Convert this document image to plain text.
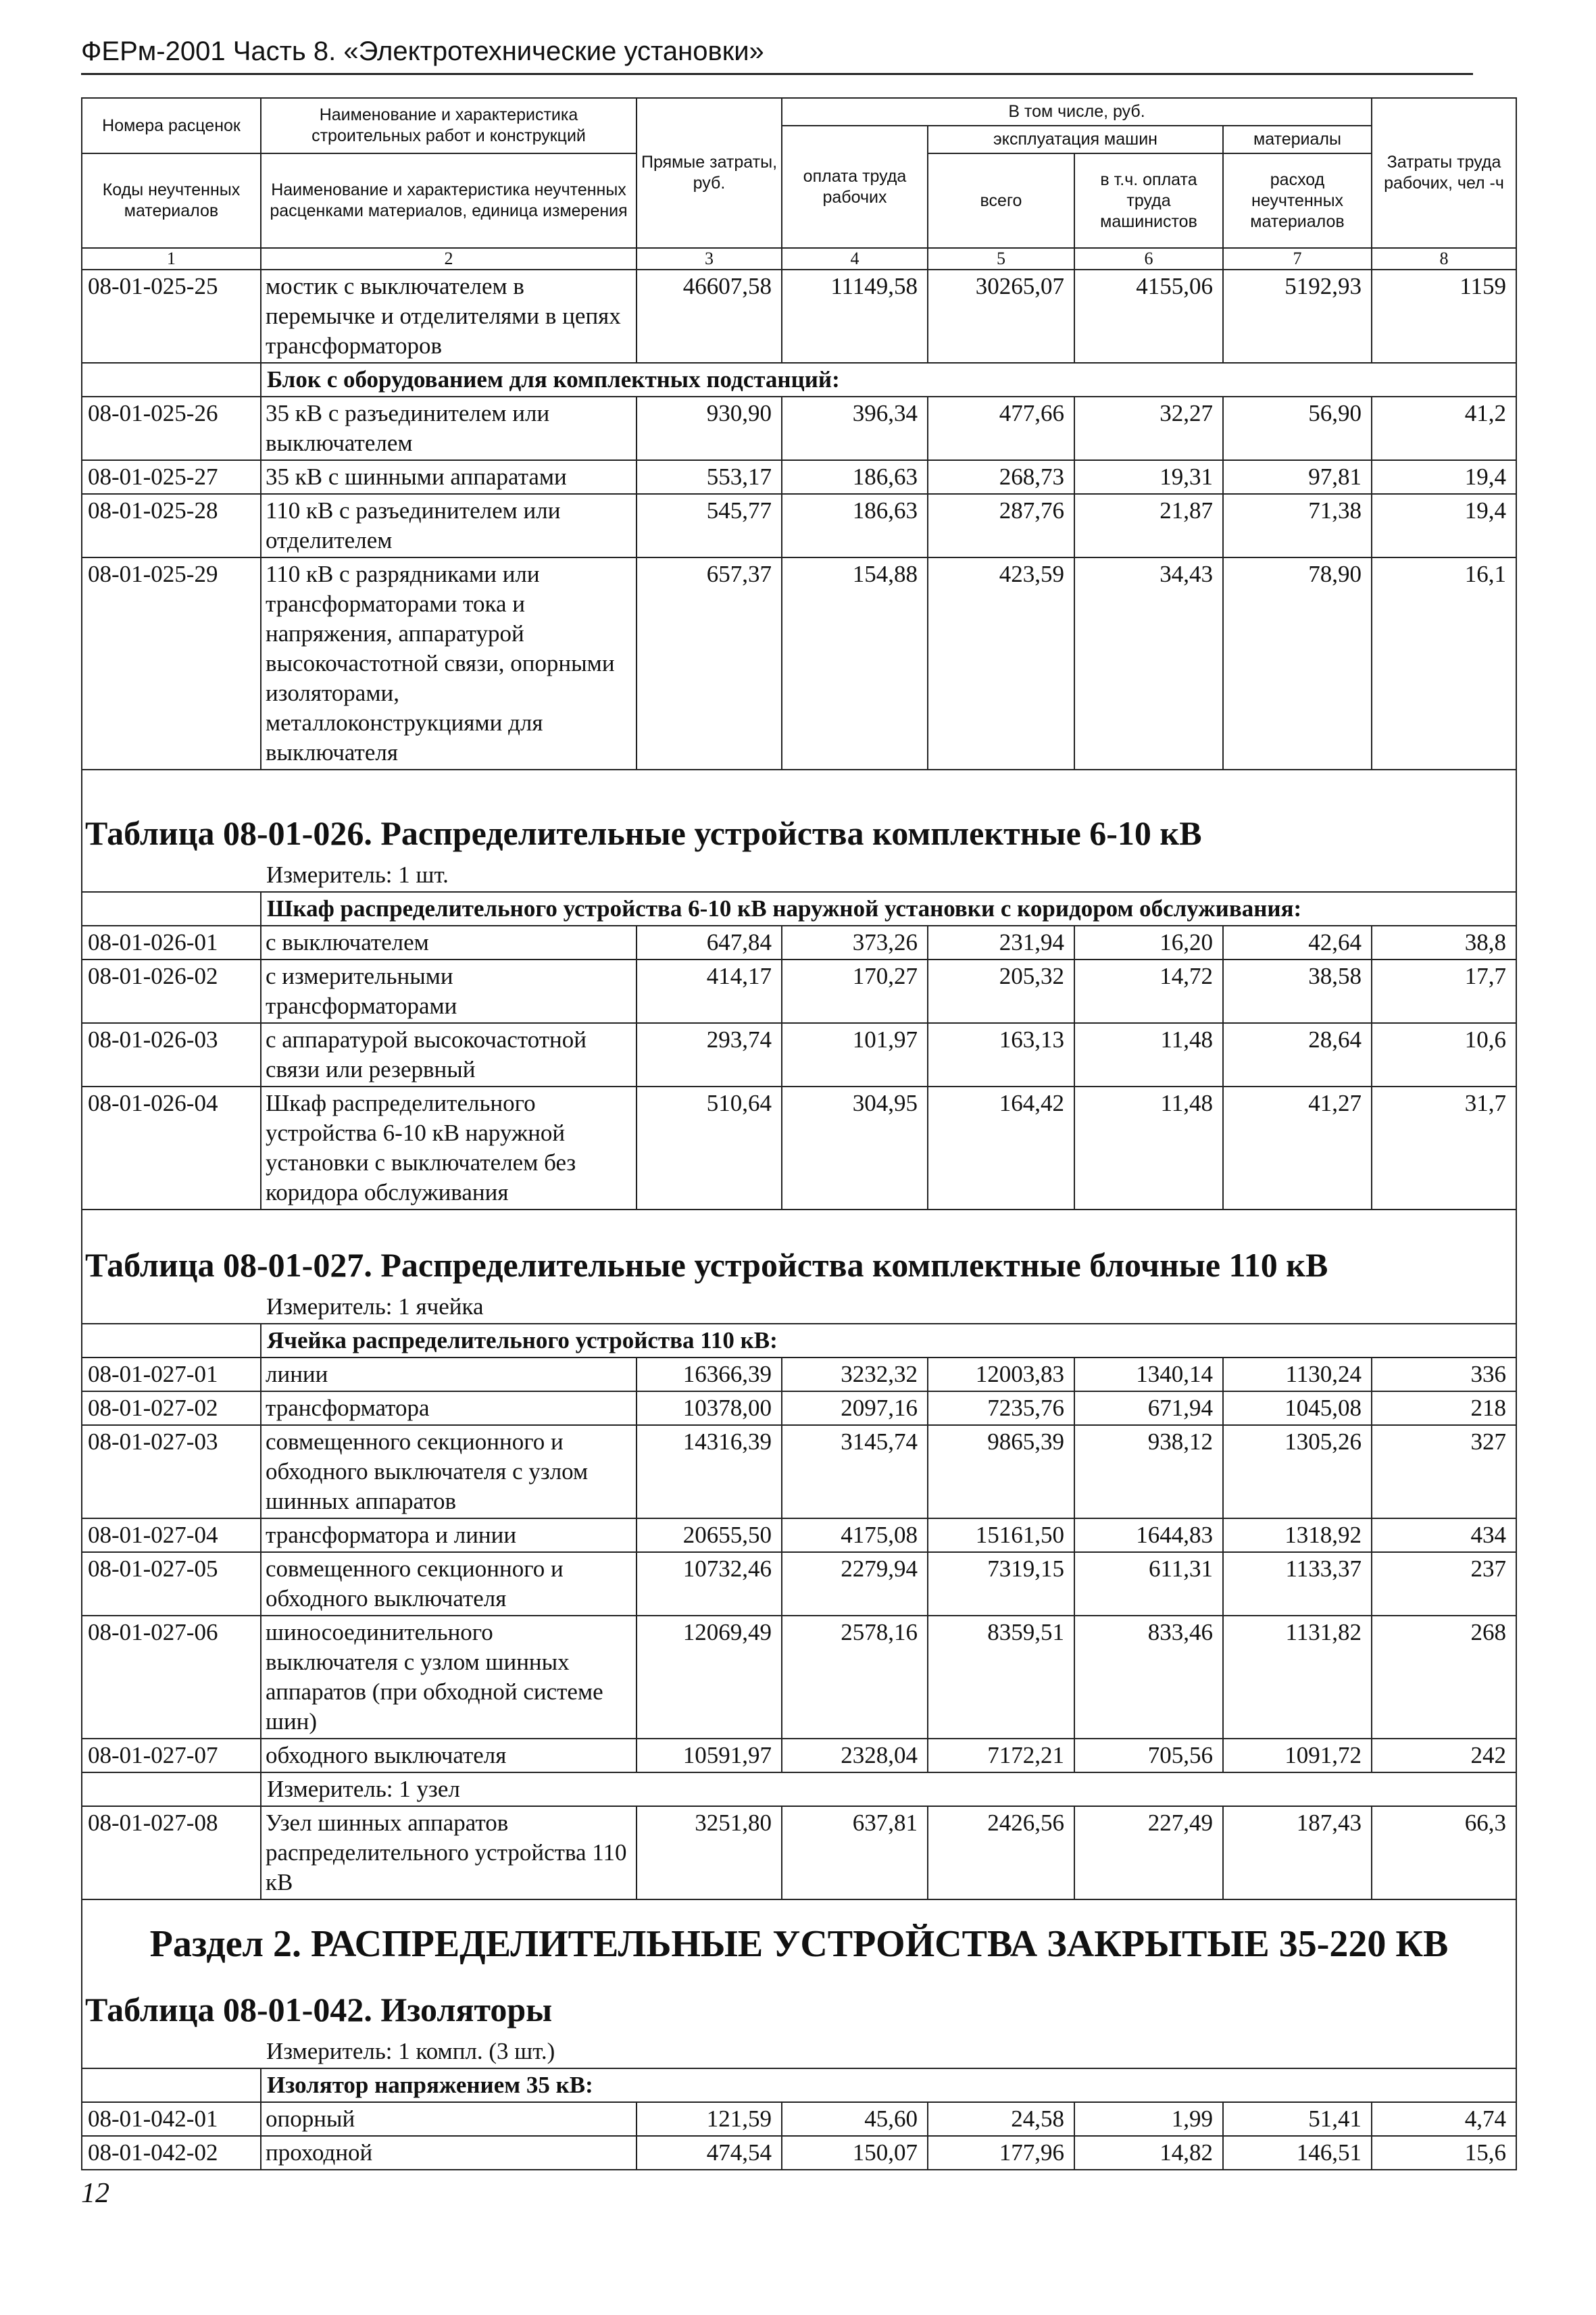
ФЕРм-2001 Часть 8. «Электротехнические установки»
Номера расценок	Наименование и характеристика строительных работ и конструкций	Прямые затраты, руб.	В том числе, руб.				Затраты труда рабочих, чел -ч
			оплата труда рабочих	эксплуатация машин		материалы	
Коды неучтенных материалов	Наименование и характеристика неучтенных расценками материалов, единица измерения			всего	в т.ч. оплата труда машинистов	расход неучтенных материалов	

1	2	3	4	5	6	7	8
08-01-025-25	мостик с выключателем в перемычке и отделителями в цепях трансформаторов	46607,58	11149,58	30265,07	4155,06	5192,93	1159
	Блок с оборудованием для комплектных подстанций:						
08-01-025-26	35 кВ с разъединителем или выключателем	930,90	396,34	477,66	32,27	56,90	41,2
08-01-025-27	35 кВ с шинными аппаратами	553,17	186,63	268,73	19,31	97,81	19,4
08-01-025-28	110 кВ с разъединителем или отделителем	545,77	186,63	287,76	21,87	71,38	19,4
08-01-025-29	110 кВ с разрядниками или трансформаторами тока и напряжения, аппаратурой высокочастотной связи, опорными изоляторами, металлоконструкциями для выключателя	657,37	154,88	423,59	34,43	78,90	16,1

Таблица 08-01-026. Распределительные устройства комплектные 6-10 кВ							
	Измеритель: 1 шт.						
	Шкаф распределительного устройства 6-10 кВ наружной установки с коридором обслуживания:						
08-01-026-01	с выключателем	647,84	373,26	231,94	16,20	42,64	38,8
08-01-026-02	с измерительными трансформаторами	414,17	170,27	205,32	14,72	38,58	17,7
08-01-026-03	с аппаратурой высокочастотной связи или резервный	293,74	101,97	163,13	11,48	28,64	10,6
08-01-026-04	Шкаф распределительного устройства 6-10 кВ наружной установки с выключателем без коридора обслуживания	510,64	304,95	164,42	11,48	41,27	31,7

Таблица 08-01-027. Распределительные устройства комплектные блочные 110 кВ							
	Измеритель: 1 ячейка						
	Ячейка распределительного устройства 110 кВ:						
08-01-027-01	линии	16366,39	3232,32	12003,83	1340,14	1130,24	336
08-01-027-02	трансформатора	10378,00	2097,16	7235,76	671,94	1045,08	218
08-01-027-03	совмещенного секционного и обходного выключателя с узлом шинных аппаратов	14316,39	3145,74	9865,39	938,12	1305,26	327
08-01-027-04	трансформатора и линии	20655,50	4175,08	15161,50	1644,83	1318,92	434
08-01-027-05	совмещенного секционного и обходного выключателя	10732,46	2279,94	7319,15	611,31	1133,37	237
08-01-027-06	шиносоединительного выключателя с узлом шинных аппаратов (при обходной системе шин)	12069,49	2578,16	8359,51	833,46	1131,82	268
08-01-027-07	обходного выключателя	10591,97	2328,04	7172,21	705,56	1091,72	242
	Измеритель: 1 узел						
08-01-027-08	Узел шинных аппаратов распределительного устройства 110 кВ	3251,80	637,81	2426,56	227,49	187,43	66,3
Раздел 2. РАСПРЕДЕЛИТЕЛЬНЫЕ УСТРОЙСТВА ЗАКРЫТЫЕ 35-220 КВ							
Таблица 08-01-042. Изоляторы							
	Измеритель: 1 компл. (3 шт.)						
	Изолятор напряжением 35 кВ:						
08-01-042-01	опорный	121,59	45,60	24,58	1,99	51,41	4,74
08-01-042-02	проходной	474,54	150,07	177,96	14,82	146,51	15,6
12
